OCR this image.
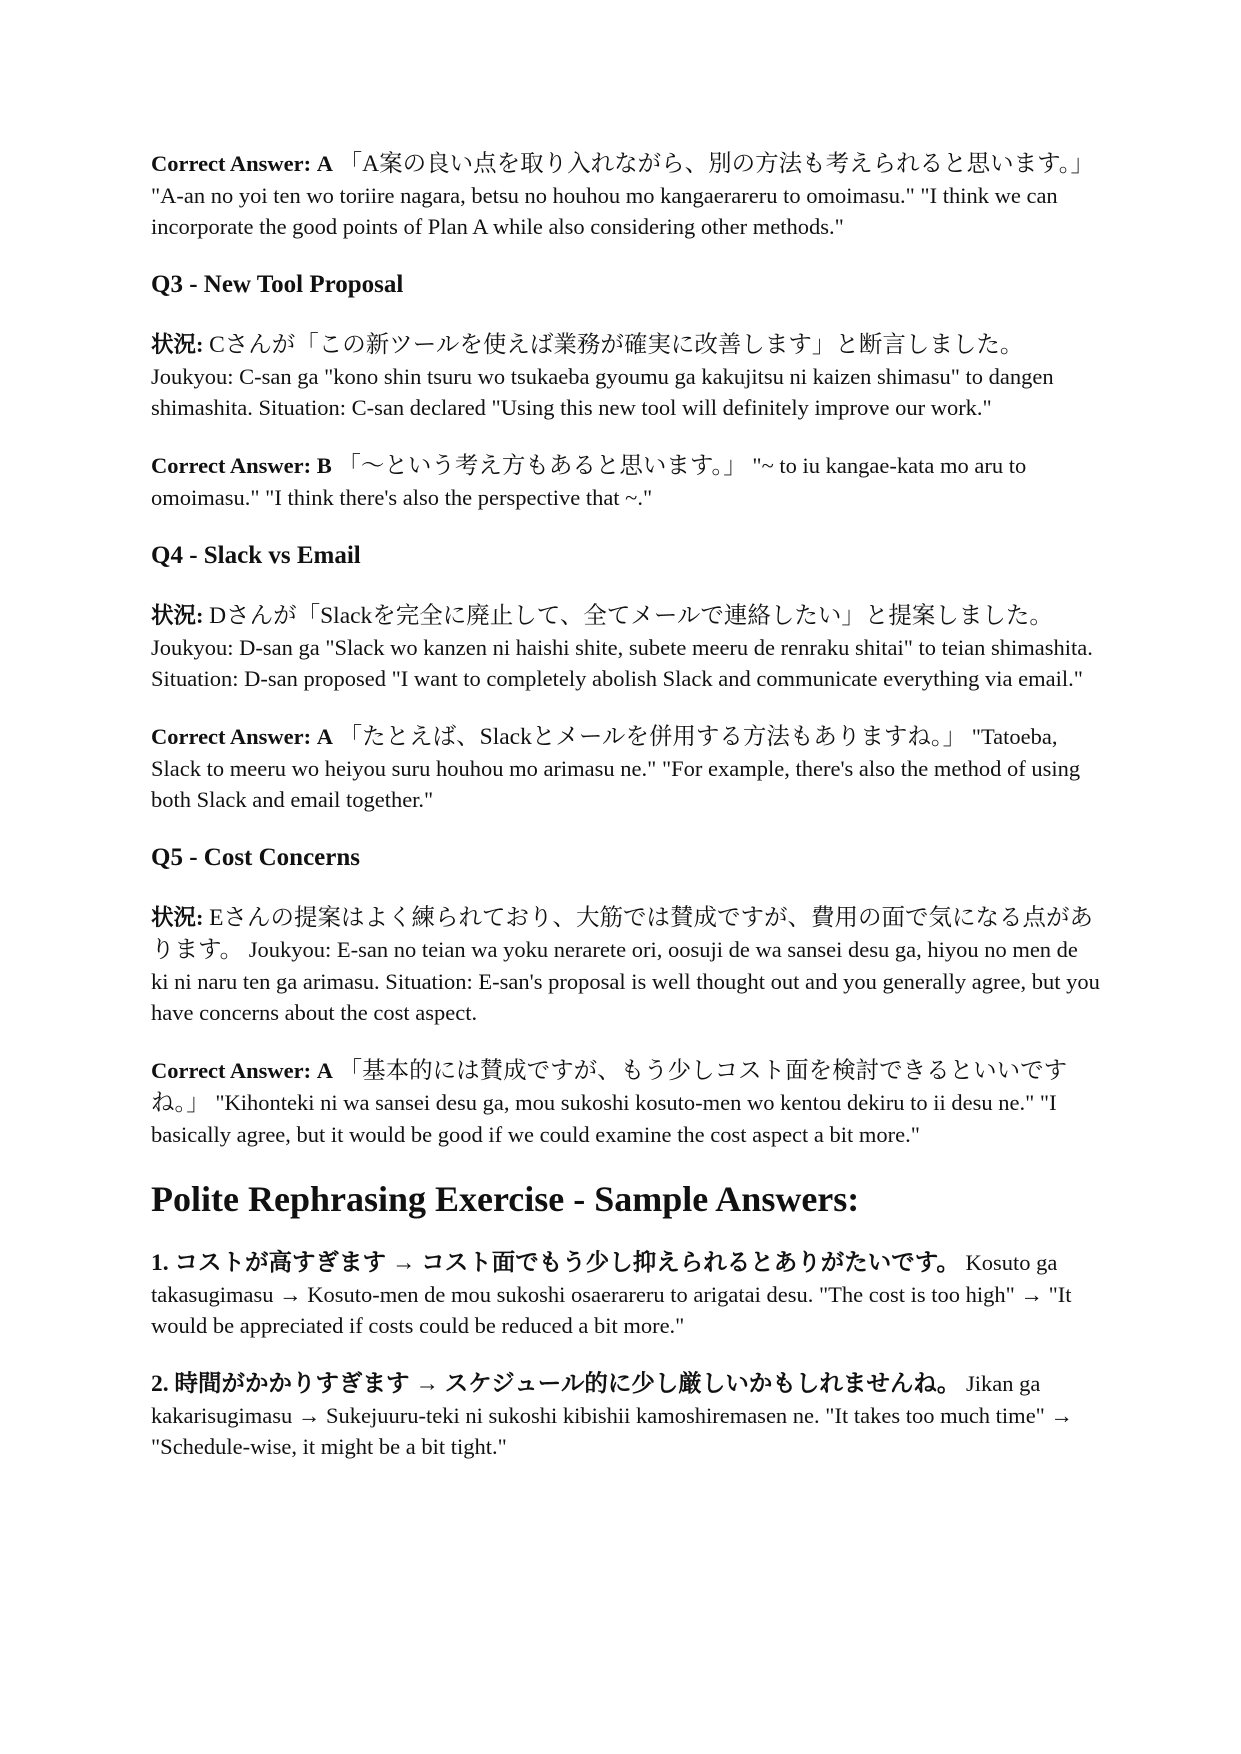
Correct Answer: A 「A案の良い点を取り入れながら、別の方法も考えられると思います。」 "A-an no yoi ten wo toriire nagara, betsu no houhou mo kangaerareru to omoimasu." "I think we can incorporate the good points of Plan A while also considering other methods."

Q3 - New Tool Proposal

状況: Cさんが「この新ツールを使えば業務が確実に改善します」と断言しました。 Joukyou: C-san ga "kono shin tsuru wo tsukaeba gyoumu ga kakujitsu ni kaizen shimasu" to dangen shimashita. Situation: C-san declared "Using this new tool will definitely improve our work."

Correct Answer: B 「〜という考え方もあると思います。」 "~ to iu kangae-kata mo aru to omoimasu." "I think there's also the perspective that ~."

Q4 - Slack vs Email

状況: Dさんが「Slackを完全に廃止して、全てメールで連絡したい」と提案しました。 Joukyou: D-san ga "Slack wo kanzen ni haishi shite, subete meeru de renraku shitai" to teian shimashita. Situation: D-san proposed "I want to completely abolish Slack and communicate everything via email."

Correct Answer: A 「たとえば、Slackとメールを併用する方法もありますね。」 "Tatoeba, Slack to meeru wo heiyou suru houhou mo arimasu ne." "For example, there's also the method of using both Slack and email together."

Q5 - Cost Concerns

状況: Eさんの提案はよく練られており、大筋では賛成ですが、費用の面で気になる点があります。 Joukyou: E-san no teian wa yoku nerarete ori, oosuji de wa sansei desu ga, hiyou no men de ki ni naru ten ga arimasu. Situation: E-san's proposal is well thought out and you generally agree, but you have concerns about the cost aspect.

Correct Answer: A 「基本的には賛成ですが、もう少しコスト面を検討できるといいですね。」 "Kihonteki ni wa sansei desu ga, mou sukoshi kosuto-men wo kentou dekiru to ii desu ne." "I basically agree, but it would be good if we could examine the cost aspect a bit more."

Polite Rephrasing Exercise - Sample Answers:

1. コストが高すぎます → コスト面でもう少し抑えられるとありがたいです。 Kosuto ga takasugimasu → Kosuto-men de mou sukoshi osaerareru to arigatai desu. "The cost is too high" → "It would be appreciated if costs could be reduced a bit more."

2. 時間がかかりすぎます → スケジュール的に少し厳しいかもしれませんね。 Jikan ga kakarisugimasu → Sukejuuru-teki ni sukoshi kibishii kamoshiremasen ne. "It takes too much time" → "Schedule-wise, it might be a bit tight."
